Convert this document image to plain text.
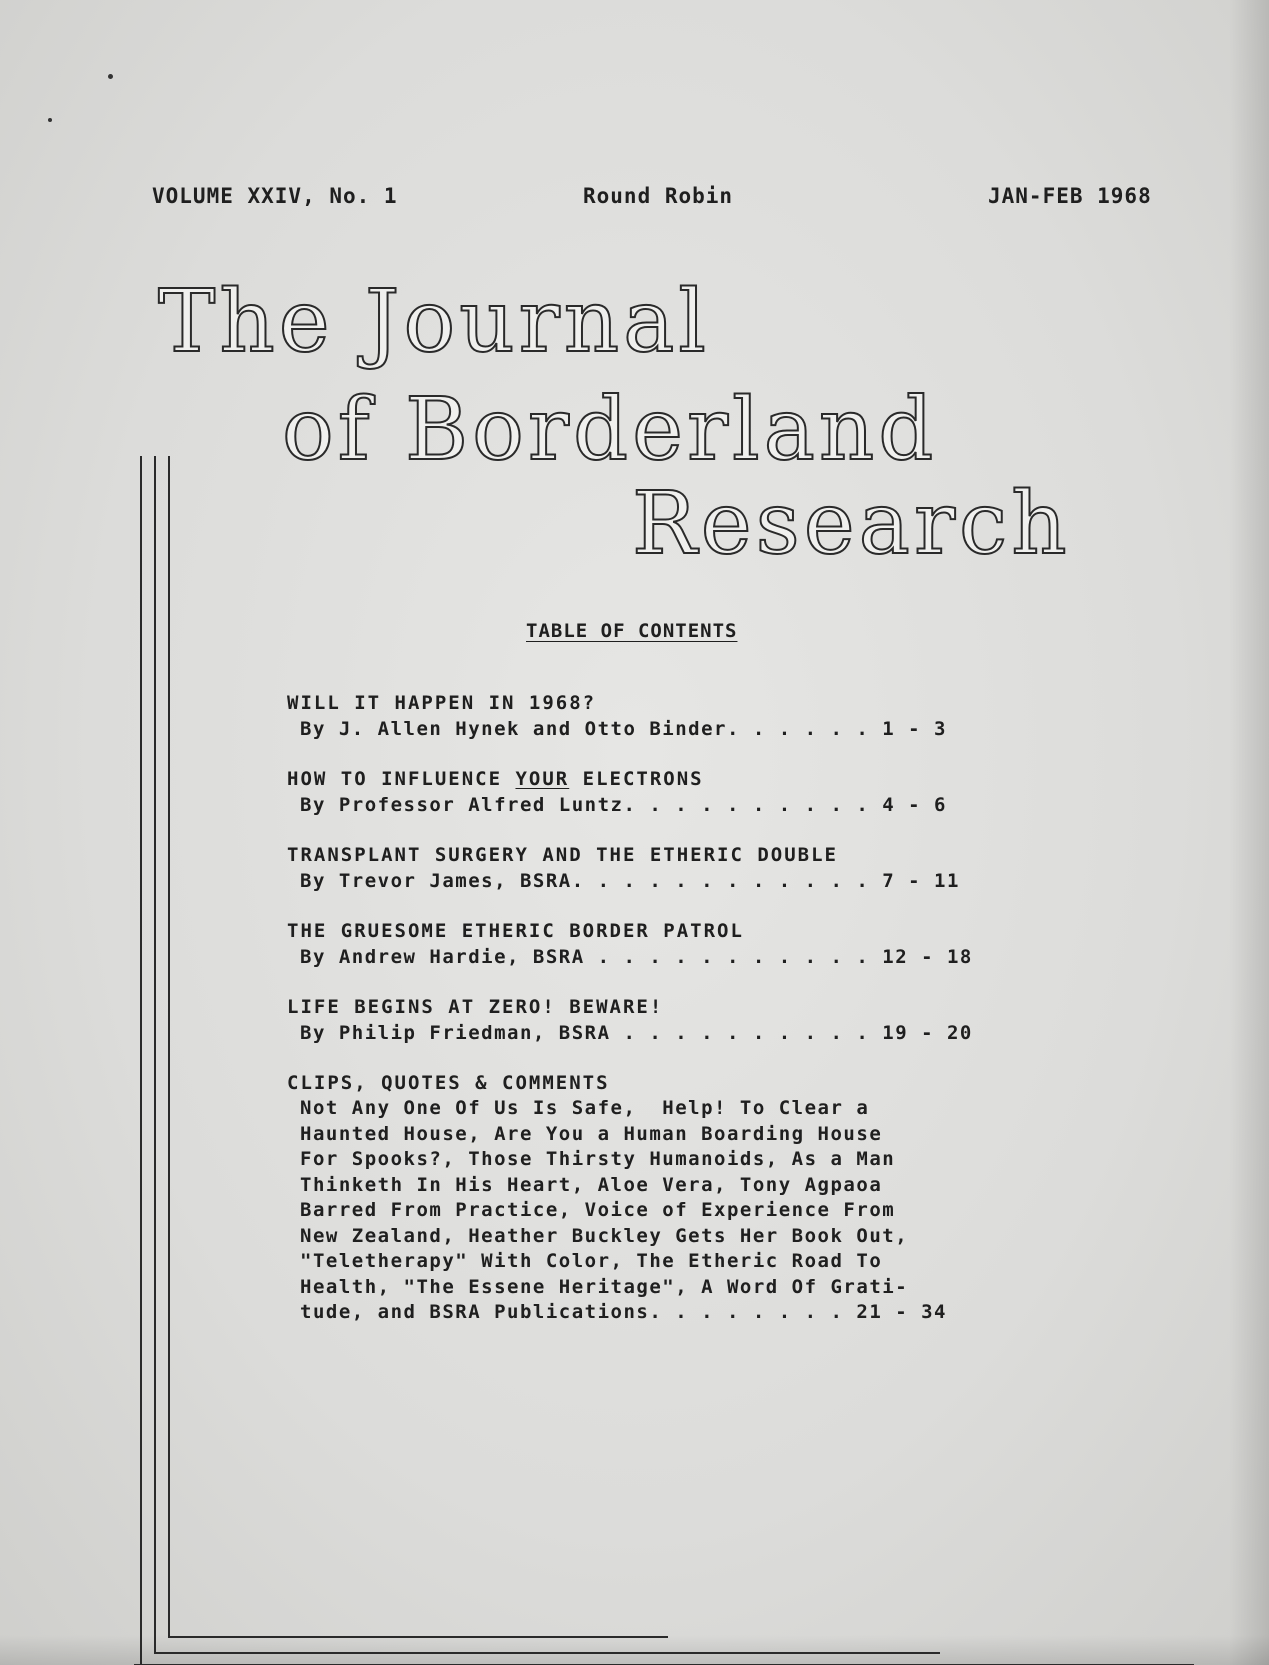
VOLUME XXIV, No. 1	Round Robin	JAN-FEB 1968
The Journal
of Borderland
Research
TABLE OF CONTENTS
WILL IT HAPPEN IN 1968?
By J. Allen Hynek and Otto Binder. . . . . . 1 - 3
HOW TO INFLUENCE YOUR ELECTRONS
By Professor Alfred Luntz. . . . . . . . . . 4 - 6
TRANSPLANT SURGERY AND THE ETHERIC DOUBLE
By Trevor James, BSRA. . . . . . . . . . . . 7 - 11
THE GRUESOME ETHERIC BORDER PATROL
By Andrew Hardie, BSRA . . . . . . . . . . . 12 - 18
LIFE BEGINS AT ZERO! BEWARE!
By Philip Friedman, BSRA . . . . . . . . . . 19 - 20
CLIPS, QUOTES & COMMENTS
Not Any One Of Us Is Safe,  Help! To Clear a
Haunted House, Are You a Human Boarding House
For Spooks?, Those Thirsty Humanoids, As a Man
Thinketh In His Heart, Aloe Vera, Tony Agpaoa
Barred From Practice, Voice of Experience From
New Zealand, Heather Buckley Gets Her Book Out,
"Teletherapy" With Color, The Etheric Road To
Health, "The Essene Heritage", A Word Of Grati-
tude, and BSRA Publications. . . . . . . . 21 - 34
